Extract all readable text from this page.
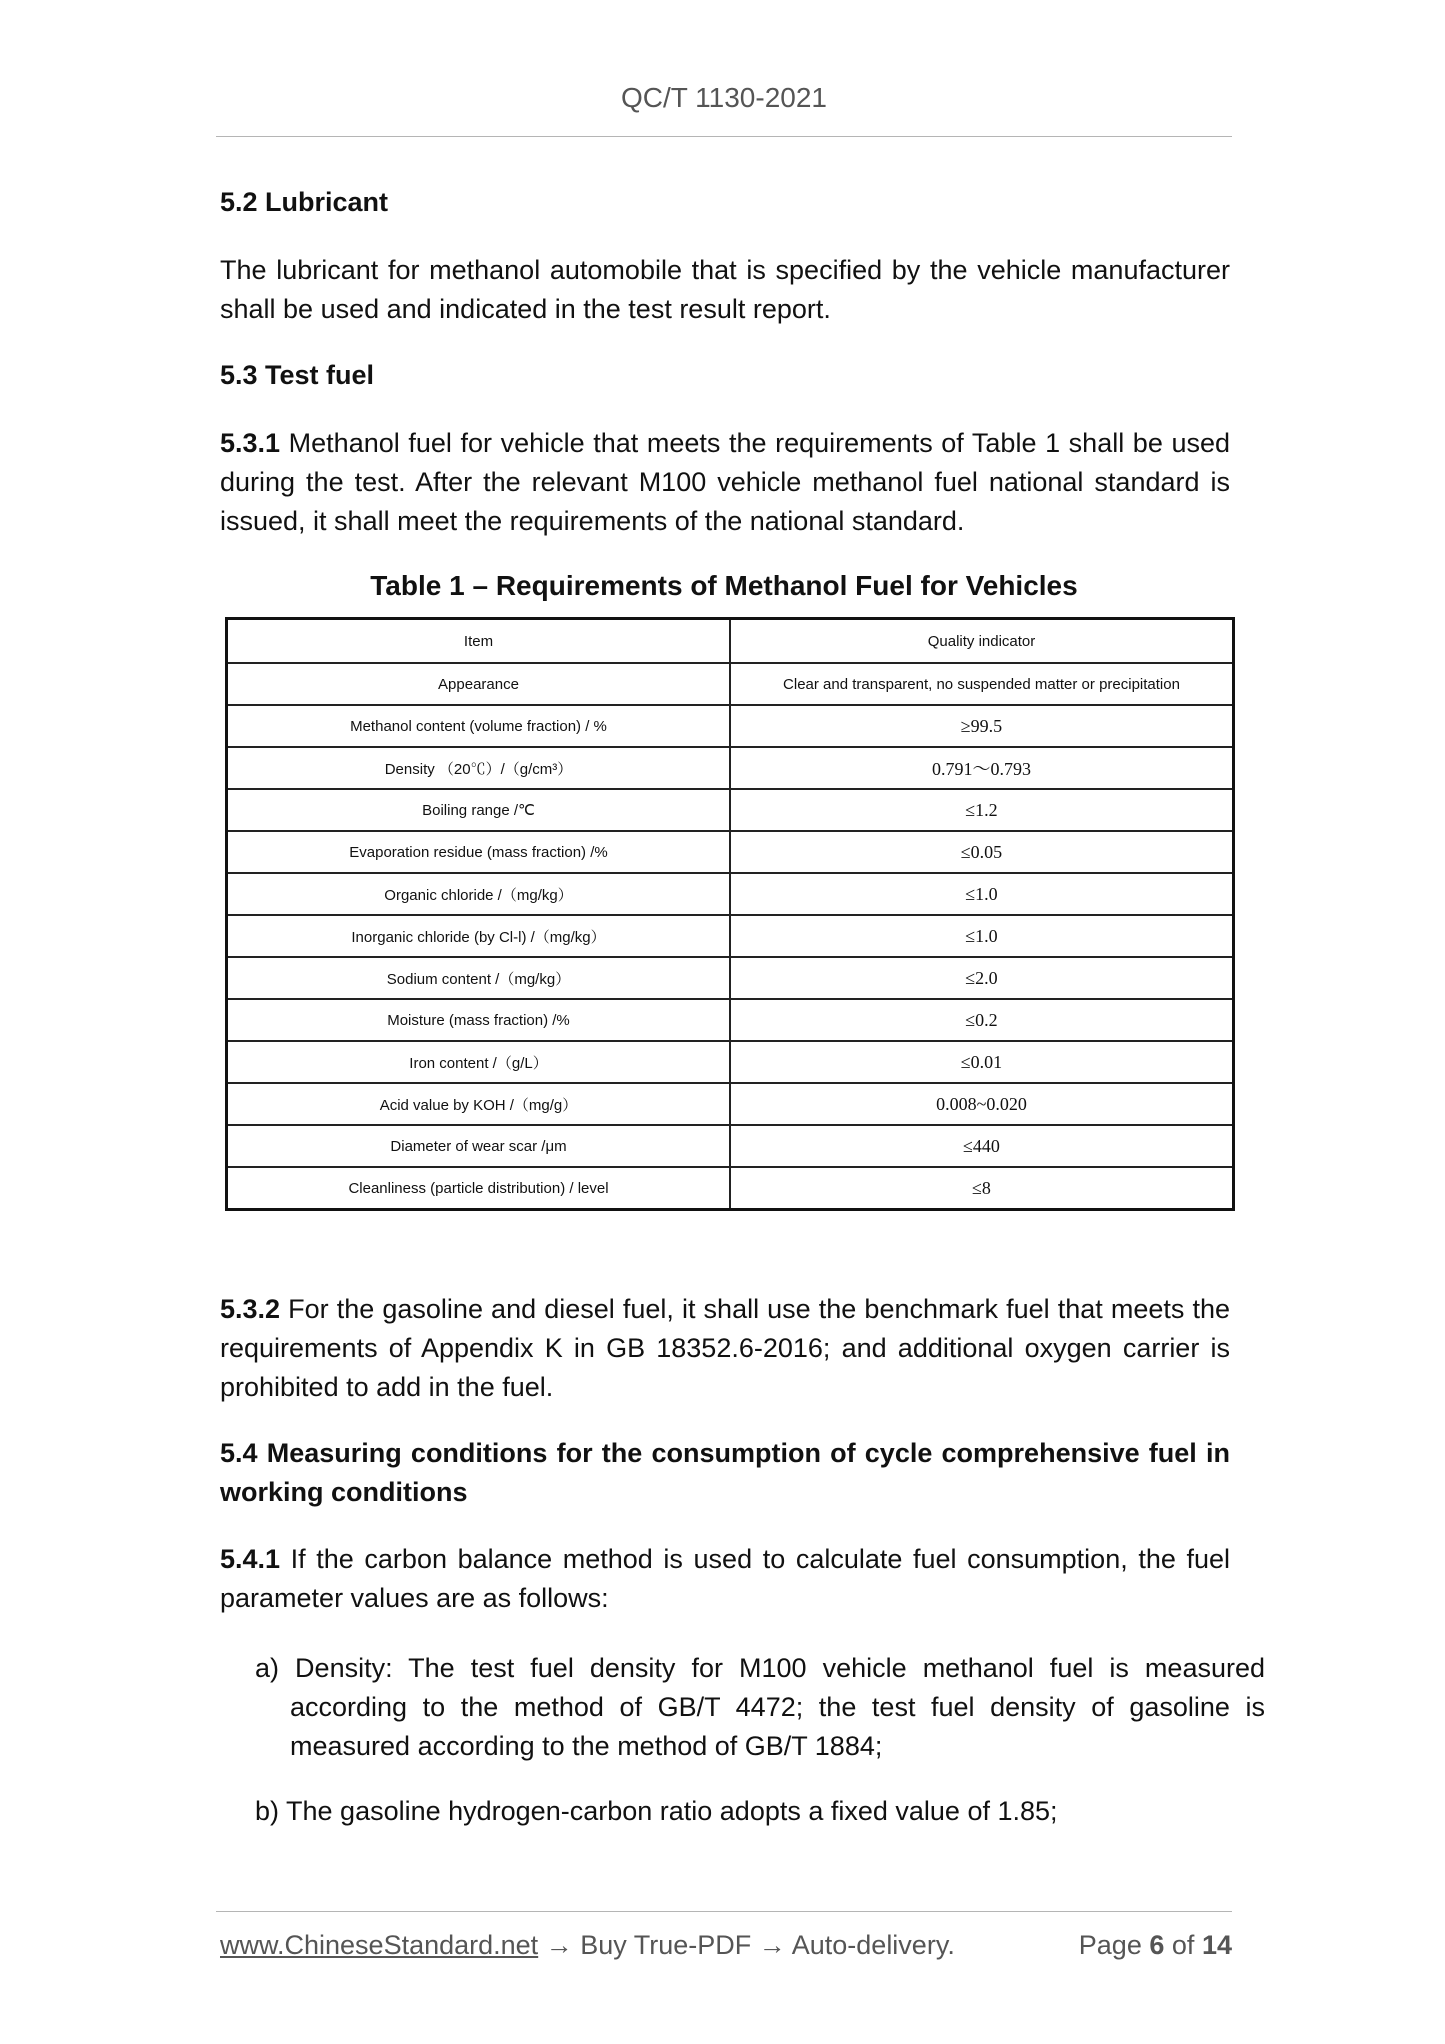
QC/T 1130-2021
5.2 Lubricant
The lubricant for methanol automobile that is specified by the vehicle manufacturer shall be used and indicated in the test result report.
5.3 Test fuel
5.3.1 Methanol fuel for vehicle that meets the requirements of Table 1 shall be used during the test. After the relevant M100 vehicle methanol fuel national standard is issued, it shall meet the requirements of the national standard.
Table 1 – Requirements of Methanol Fuel for Vehicles
Item	Quality indicator
Appearance	Clear and transparent, no suspended matter or precipitation
Methanol content (volume fraction) / %	≥99.5
Density （20℃）/（g/cm³）	0.791～0.793
Boiling range /℃	≤1.2
Evaporation residue (mass fraction) /%	≤0.05
Organic chloride /（mg/kg）	≤1.0
Inorganic chloride (by Cl-l) /（mg/kg）	≤1.0
Sodium content /（mg/kg）	≤2.0
Moisture (mass fraction) /%	≤0.2
Iron content /（g/L）	≤0.01
Acid value by KOH /（mg/g）	0.008~0.020
Diameter of wear scar /μm	≤440
Cleanliness (particle distribution) / level	≤8
5.3.2 For the gasoline and diesel fuel, it shall use the benchmark fuel that meets the requirements of Appendix K in GB 18352.6-2016; and additional oxygen carrier is prohibited to add in the fuel.
5.4 Measuring conditions for the consumption of cycle comprehensive fuel in working conditions
5.4.1 If the carbon balance method is used to calculate fuel consumption, the fuel parameter values are as follows:
a) Density: The test fuel density for M100 vehicle methanol fuel is measured according to the method of GB/T 4472; the test fuel density of gasoline is measured according to the method of GB/T 1884;
b) The gasoline hydrogen-carbon ratio adopts a fixed value of 1.85;
www.ChineseStandard.net → Buy True-PDF → Auto-delivery.	Page 6 of 14
